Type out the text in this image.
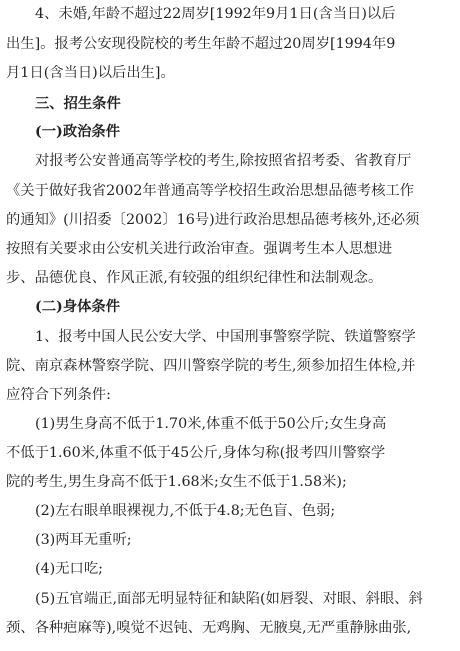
4、未婚,年龄不超过22周岁[1992年9月1日(含当日)以后
出生]。报考公安现役院校的考生年龄不超过20周岁[1994年9
月1日(含当日)以后出生]。
三、招生条件
(一)政治条件
对报考公安普通高等学校的考生,除按照省招考委、省教育厅
《关于做好我省2002年普通高等学校招生政治思想品德考核工作
的通知》(川招委〔2002〕16号)进行政治思想品德考核外,还必须
按照有关要求由公安机关进行政治审查。强调考生本人思想进
步、品德优良、作风正派,有较强的组织纪律性和法制观念。
(二)身体条件
1、报考中国人民公安大学、中国刑事警察学院、铁道警察学
院、南京森林警察学院、四川警察学院的考生,须参加招生体检,并
应符合下列条件:
(1)男生身高不低于1.70米,体重不低于50公斤;女生身高
不低于1.60米,体重不低于45公斤,身体匀称(报考四川警察学
院的考生,男生身高不低于1.68米;女生不低于1.58米);
(2)左右眼单眼裸视力,不低于4.8;无色盲、色弱;
(3)两耳无重听;
(4)无口吃;
(5)五官端正,面部无明显特征和缺陷(如唇裂、对眼、斜眼、斜
颈、各种疤麻等),嗅觉不迟钝、无鸡胸、无腋臭,无严重静脉曲张,
